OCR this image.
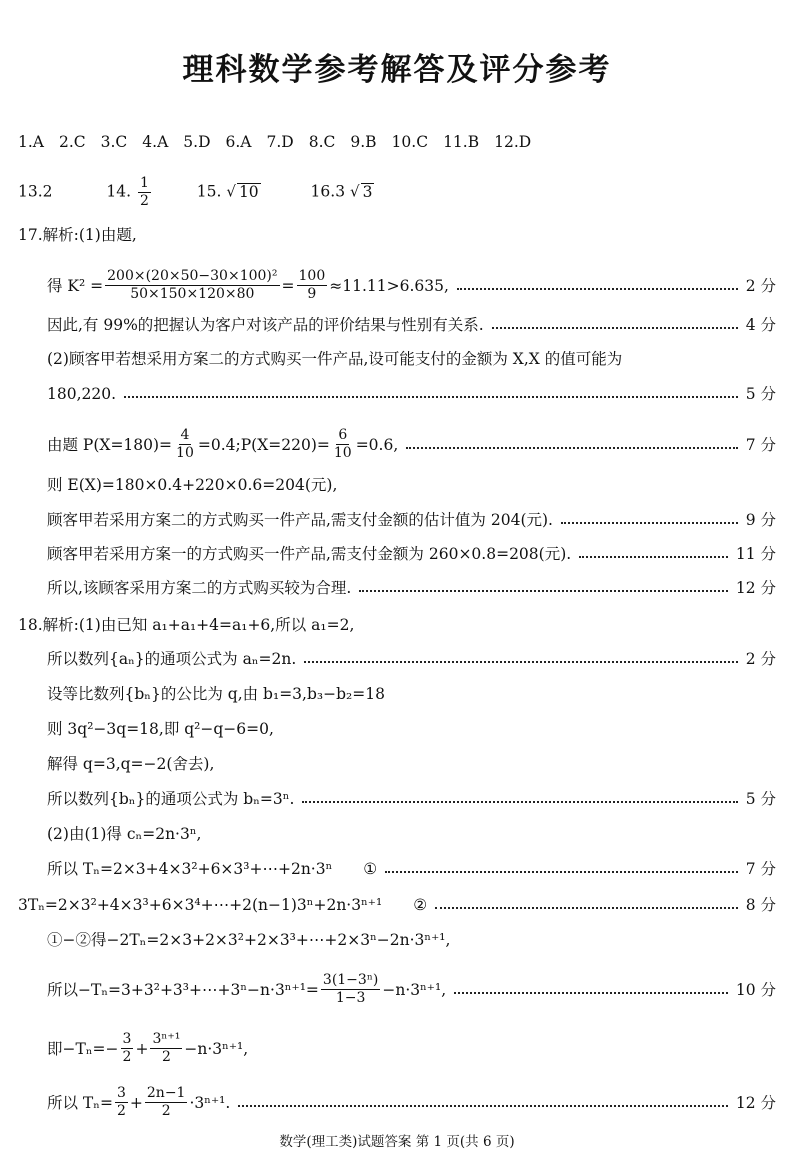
理科数学参考解答及评分参考
1.A 2.C 3.C 4.A 5.D 6.A 7.D 8.C 9.B 10.C 11.B 12.D
13.2	14. $\frac{1}{2}$	15. √ 10	16.3 √ 3
17.解析:(1)由题,
得 $K^2 = \frac{\text{200×(20×50−30×100)²}}{50\times 150\times 120\times 80} = \frac{100}{9} \approx 11.11>6.635$,	2 分
因此,有 99%的把握认为客户对该产品的评价结果与性别有关系.	4 分
(2)顾客甲若想采用方案二的方式购买一件产品,设可能支付的金额为 X,X 的值可能为
180,220.	5 分
由题 $P(X=180)= \frac{4}{10}$ =0.4;P(X=220)= $\frac{6}{10} =0.6$,	7 分
则 E(X)=180×0.4+220×0.6=204(元),
顾客甲若采用方案二的方式购买一件产品,需支付金额的估计值为 204(元).	9 分
顾客甲若采用方案一的方式购买一件产品,需支付金额为 260×0.8=208(元).	11 分
所以,该顾客采用方案二的方式购买较为合理.	12 分
18.解析:(1)由已知 a₁+a₁+4=a₁+6,所以 a₁=2,
所以数列{aₙ}的通项公式为 aₙ=2n.	2 分
设等比数列{bₙ}的公比为 q,由 b₁=3,b₃−b₂=18
则 3q²−3q=18,即 q²−q−6=0,
解得 q=3,q=−2(舍去),
所以数列{bₙ}的通项公式为 bₙ=3ⁿ.	5 分
(2)由(1)得 cₙ=2n·3ⁿ,
所以 Tₙ=2×3+4×3²+6×3³+⋯+2n·3ⁿ　　①	7 分
3Tₙ=2×3²+4×3³+6×3⁴+⋯+2(n−1)3ⁿ+2n·3ⁿ⁺¹　　②	8 分
①−②得−2Tₙ=2×3+2×3²+2×3³+⋯+2×3ⁿ−2n·3ⁿ⁺¹,
所以−Tₙ=3+3²+3³+⋯+3ⁿ−n·3ⁿ⁺¹= $\frac{\text{3(1−3ⁿ)}}{1-3} -n\cdot 3^{n+1}$,	10 分
即$-T_n=- \frac{3}{2} + \frac{\text{3ⁿ⁺¹}}{2} -n\cdot 3^{n+1}$,
所以 $T_n= \frac{3}{2} + \frac{2n-1}{2} \cdot 3^{n+1}$.	12 分
数学(理工类)试题答案 第 1 页(共 6 页)
